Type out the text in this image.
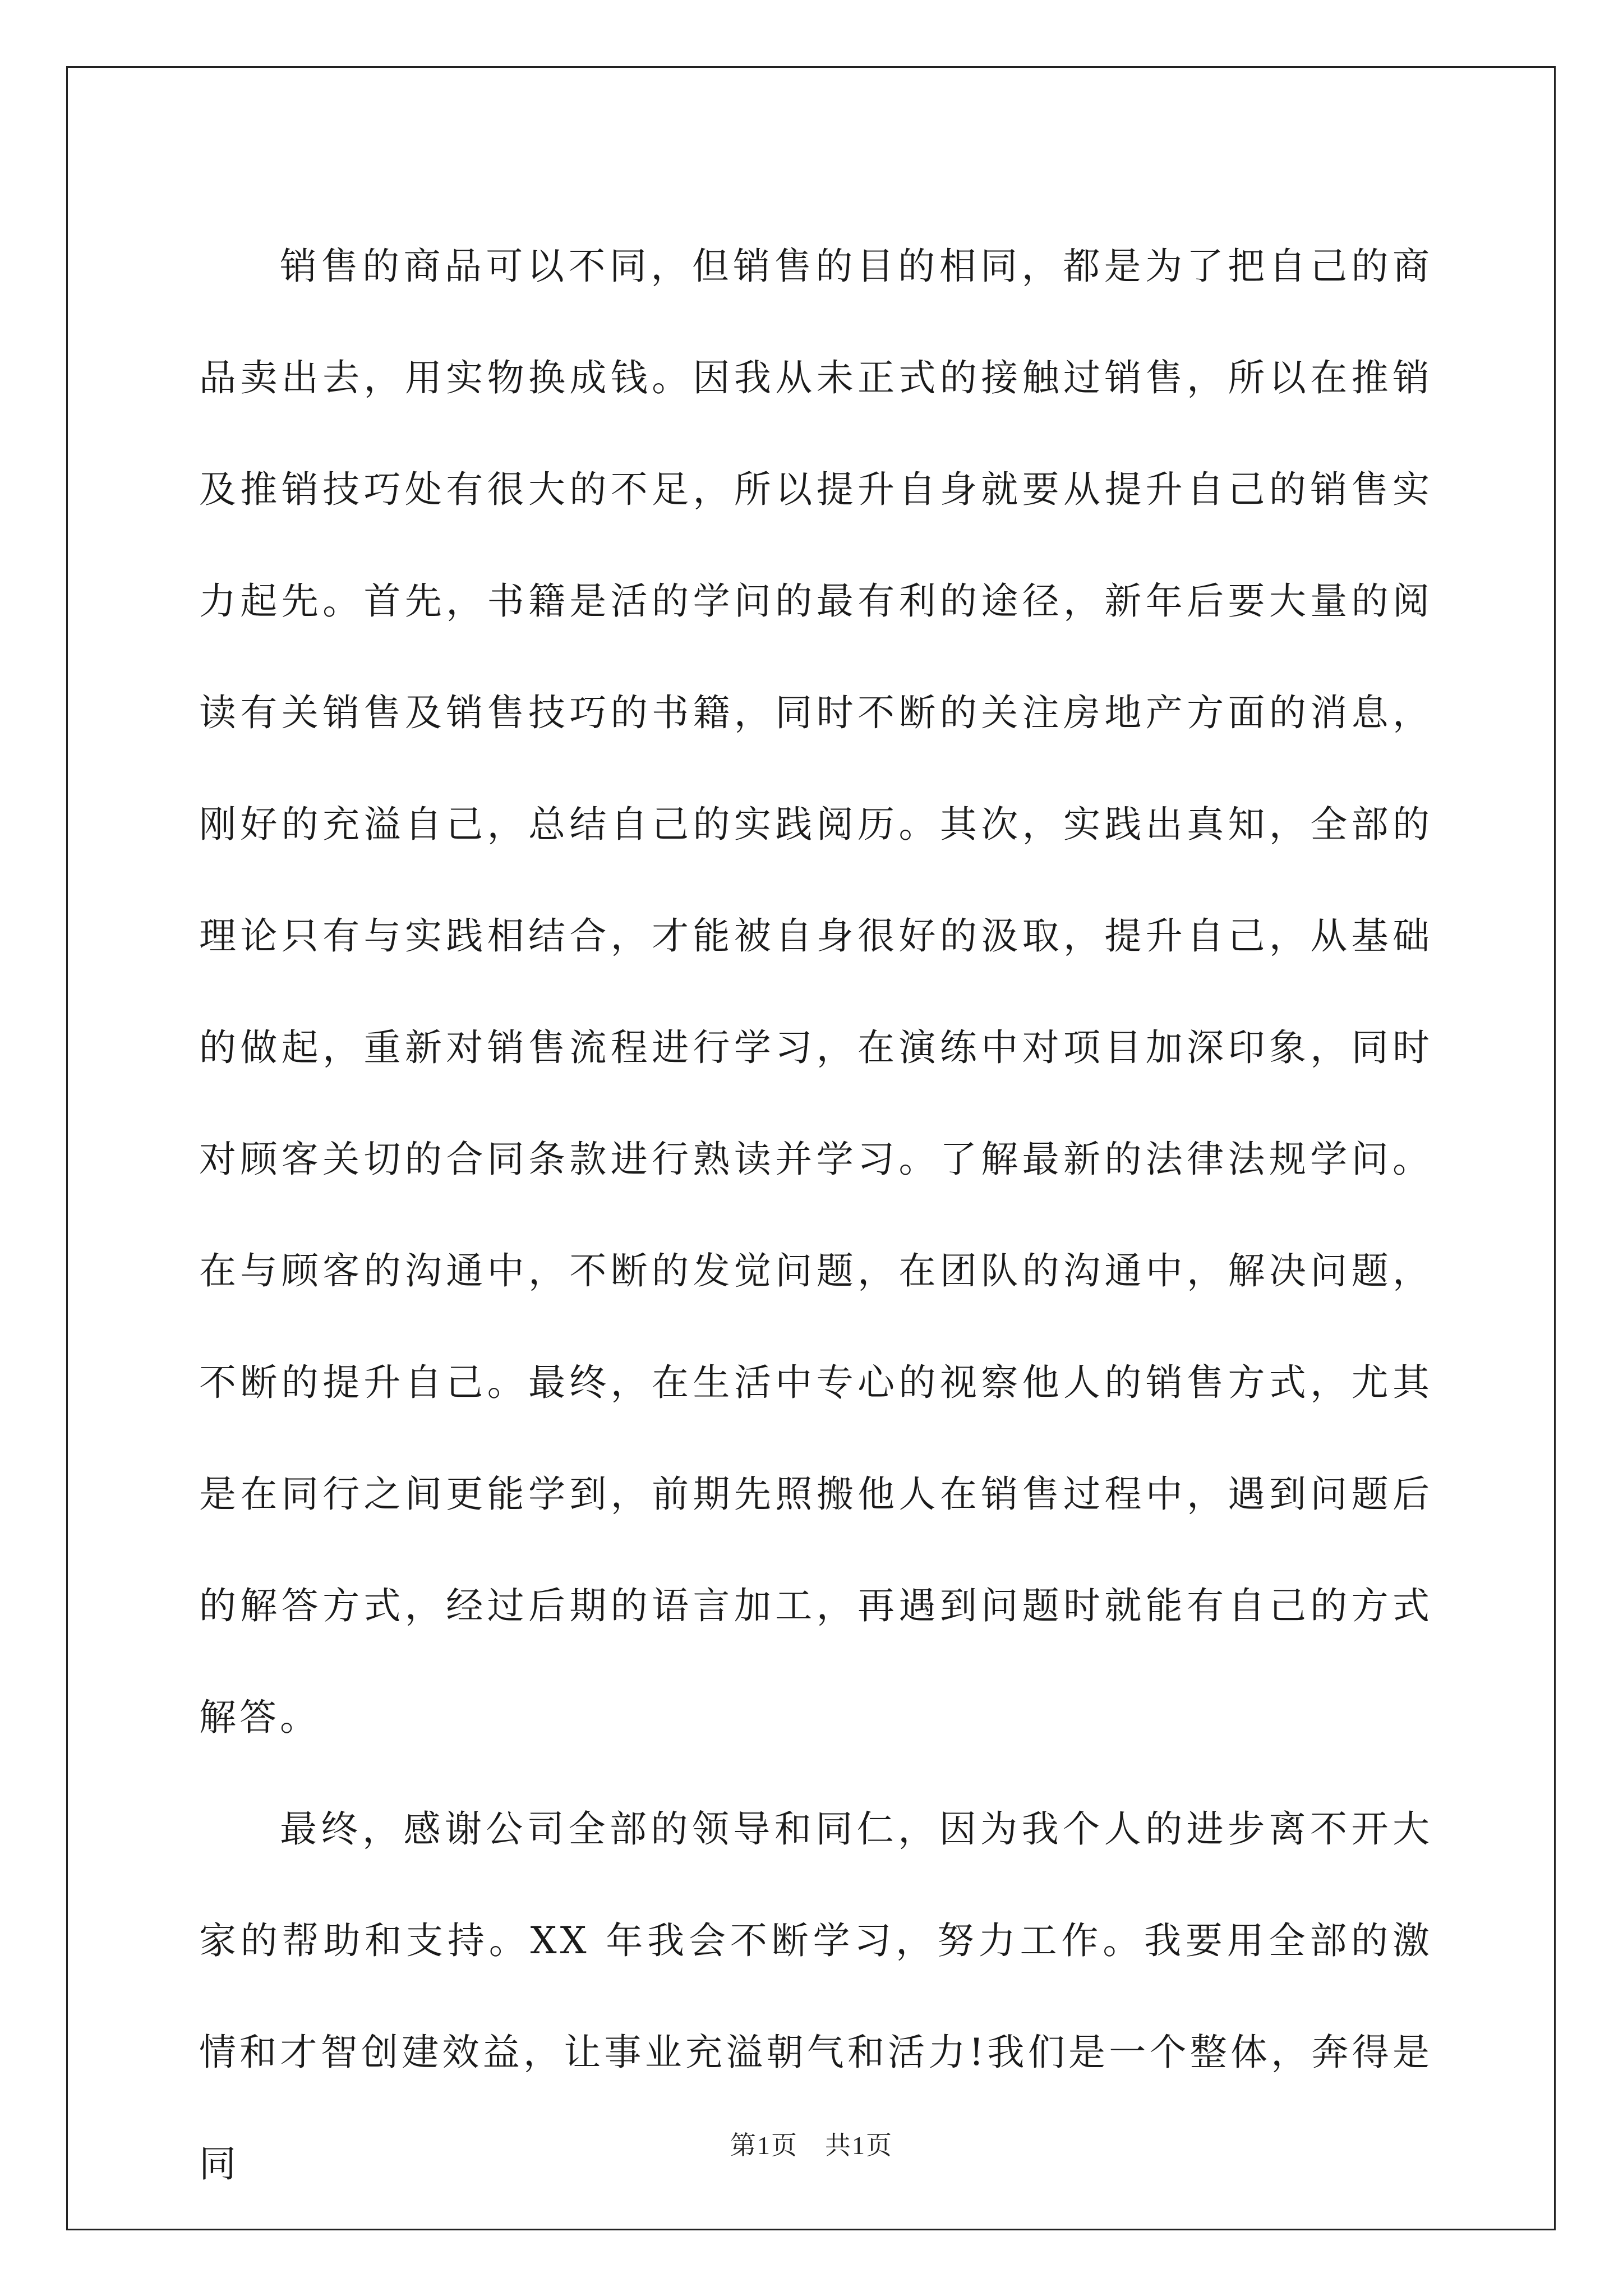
销售的商品可以不同，但销售的目的相同，都是为了把自己的商品卖出去，用实物换成钱。因我从未正式的接触过销售，所以在推销及推销技巧处有很大的不足，所以提升自身就要从提升自己的销售实力起先。首先，书籍是活的学问的最有利的途径，新年后要大量的阅读有关销售及销售技巧的书籍，同时不断的关注房地产方面的消息，刚好的充溢自己，总结自己的实践阅历。其次，实践出真知，全部的理论只有与实践相结合，才能被自身很好的汲取，提升自己，从基础的做起，重新对销售流程进行学习，在演练中对项目加深印象，同时对顾客关切的合同条款进行熟读并学习。了解最新的法律法规学问。在与顾客的沟通中，不断的发觉问题，在团队的沟通中，解决问题，不断的提升自己。最终，在生活中专心的视察他人的销售方式，尤其是在同行之间更能学到，前期先照搬他人在销售过程中，遇到问题后的解答方式，经过后期的语言加工，再遇到问题时就能有自己的方式解答。

最终，感谢公司全部的领导和同仁，因为我个人的进步离不开大家的帮助和支持。XX 年我会不断学习，努力工作。我要用全部的激情和才智创建效益，让事业充溢朝气和活力!我们是一个整体，奔得是同	第1页　共1页
